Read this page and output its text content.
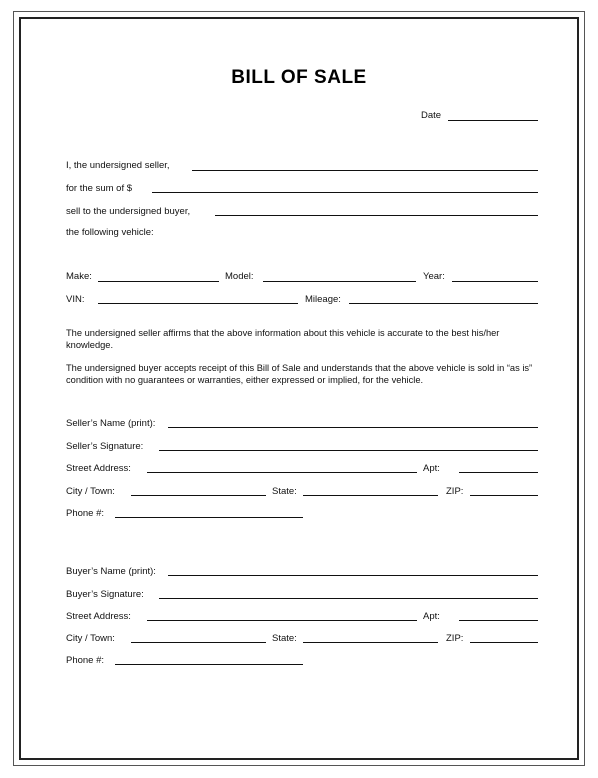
BILL OF SALE
Date
I, the undersigned seller,
for the sum of $
sell to the undersigned buyer,
the following vehicle:
Make:	Model:	Year:
VIN:	Mileage:
The undersigned seller affirms that the above information about this vehicle is accurate to the best his/her knowledge.
The undersigned buyer accepts receipt of this Bill of Sale and understands that the above vehicle is sold in “as is” condition with no guarantees or warranties, either expressed or implied, for the vehicle.
Seller’s Name (print):
Seller’s Signature:
Street Address:	Apt:
City / Town:	State:	ZIP:
Phone #:
Buyer’s Name (print):
Buyer’s Signature:
Street Address:	Apt:
City / Town:	State:	ZIP:
Phone #:
